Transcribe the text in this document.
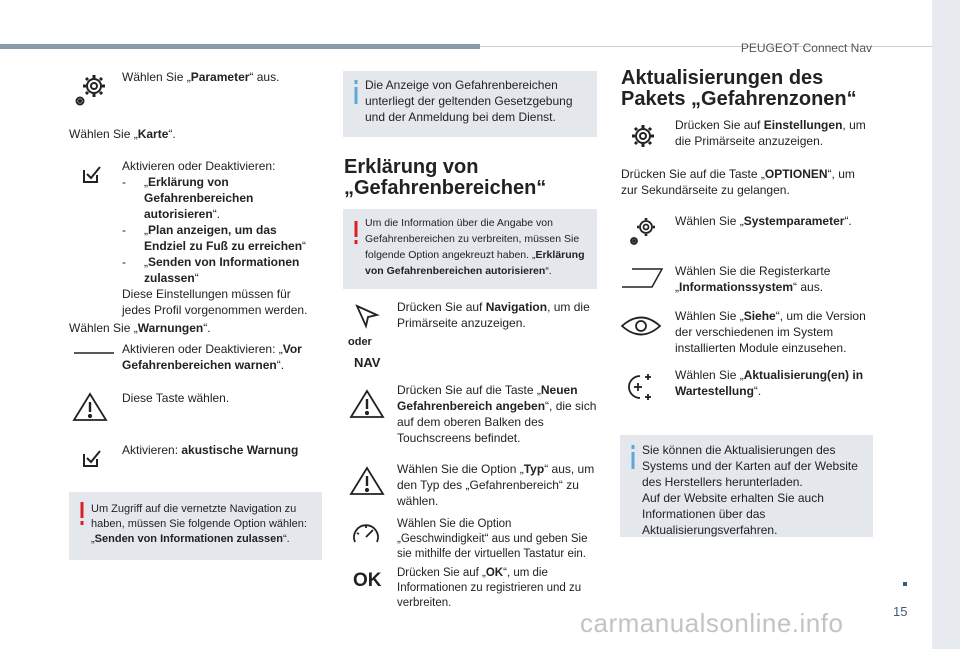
PEUGEOT Connect Nav
15
carmanualsonline.info
Wählen Sie „Parameter“ aus.
Wählen Sie „Karte“.
Aktivieren oder Deaktivieren:
- „Erklärung von Gefahrenbereichen autorisieren“.
- „Plan anzeigen, um das Endziel zu Fuß zu erreichen“
- „Senden von Informationen zulassen“
Diese Einstellungen müssen für jedes Profil vorgenommen werden.
Wählen Sie „Warnungen“.
Aktivieren oder Deaktivieren: „Vor Gefahrenbereichen warnen“.
Diese Taste wählen.
Aktivieren: akustische Warnung
Um Zugriff auf die vernetzte Navigation zu haben, müssen Sie folgende Option wählen: „Senden von Informationen zulassen“.
Die Anzeige von Gefahrenbereichen unterliegt der geltenden Gesetzgebung und der Anmeldung bei dem Dienst.
Erklärung von „Gefahrenbereichen“
Um die Information über die Angabe von Gefahrenbereichen zu verbreiten, müssen Sie folgende Option angekreuzt haben. „Erklärung von Gefahrenbereichen autorisieren“.
oder
NAV
Drücken Sie auf Navigation, um die Primärseite anzuzeigen.
Drücken Sie auf die Taste „Neuen Gefahrenbereich angeben“, die sich auf dem oberen Balken des Touchscreens befindet.
Wählen Sie die Option „Typ“ aus, um den Typ des „Gefahrenbereich“ zu wählen.
Wählen Sie die Option „Geschwindigkeit“ aus und geben Sie sie mithilfe der virtuellen Tastatur ein.
OK Drücken Sie auf „OK“, um die Informationen zu registrieren und zu verbreiten.
Aktualisierungen des Pakets „Gefahrenzonen“
Drücken Sie auf Einstellungen, um die Primärseite anzuzeigen.
Drücken Sie auf die Taste „OPTIONEN“, um zur Sekundärseite zu gelangen.
Wählen Sie „Systemparameter“.
Wählen Sie die Registerkarte „Informationssystem“ aus.
Wählen Sie „Siehe“, um die Version der verschiedenen im System installierten Module einzusehen.
Wählen Sie „Aktualisierung(en) in Wartestellung“.
Sie können die Aktualisierungen des Systems und der Karten auf der Website des Herstellers herunterladen.
Auf der Website erhalten Sie auch Informationen über das Aktualisierungsverfahren.
